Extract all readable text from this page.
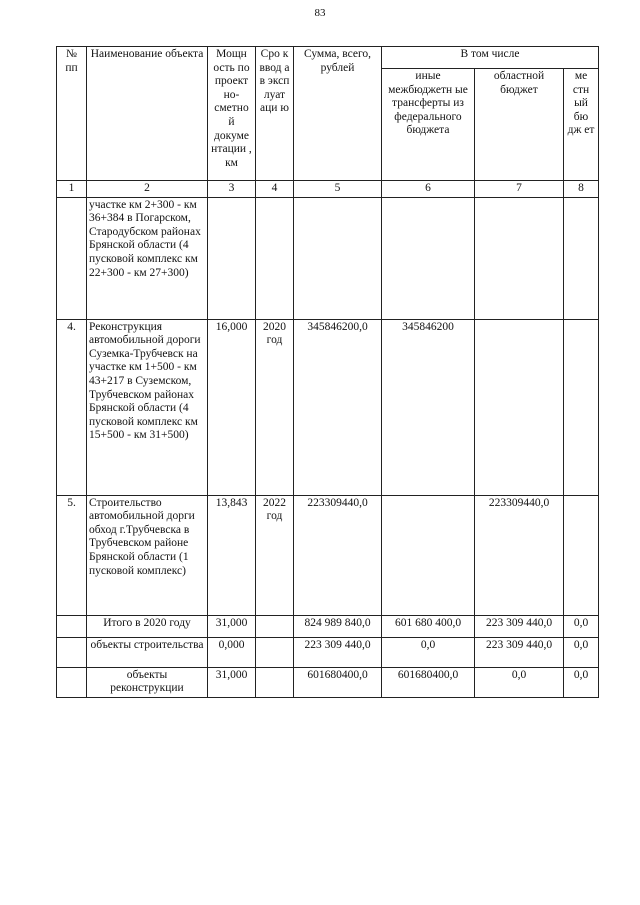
83
№ пп	Наименование объекта	Мощн ость по проект но- сметно й докуме нтации , км	Сро к ввод а в эксп луат аци ю	Сумма, всего, рублей	В том числе		
					иные межбюджетн ые трансферты из федерального бюджета	областной бюджет	ме стн ый бю дж ет
1	2	3	4	5	6	7	8
	участке км 2+300 - км 36+384 в Погарском, Стародубском районах Брянской области (4 пусковой комплекс км 22+300 - км 27+300)						
4.	Реконструкция автомобильной дороги Суземка-Трубчевск на участке км 1+500 - км 43+217 в Суземском, Трубчевском районах Брянской области (4 пусковой комплекс км 15+500 - км 31+500)	16,000	2020 год	345846200,0	345846200		
5.	Строительство автомобильной дорги обход г.Трубчевска в Трубчевском районе Брянской области (1 пусковой комплекс)	13,843	2022 год	223309440,0		223309440,0	
	Итого в 2020 году	31,000		824 989 840,0	601 680 400,0	223 309 440,0	0,0
	объекты строительства	0,000		223 309 440,0	0,0	223 309 440,0	0,0
	объекты реконструкции	31,000		601680400,0	601680400,0	0,0	0,0
